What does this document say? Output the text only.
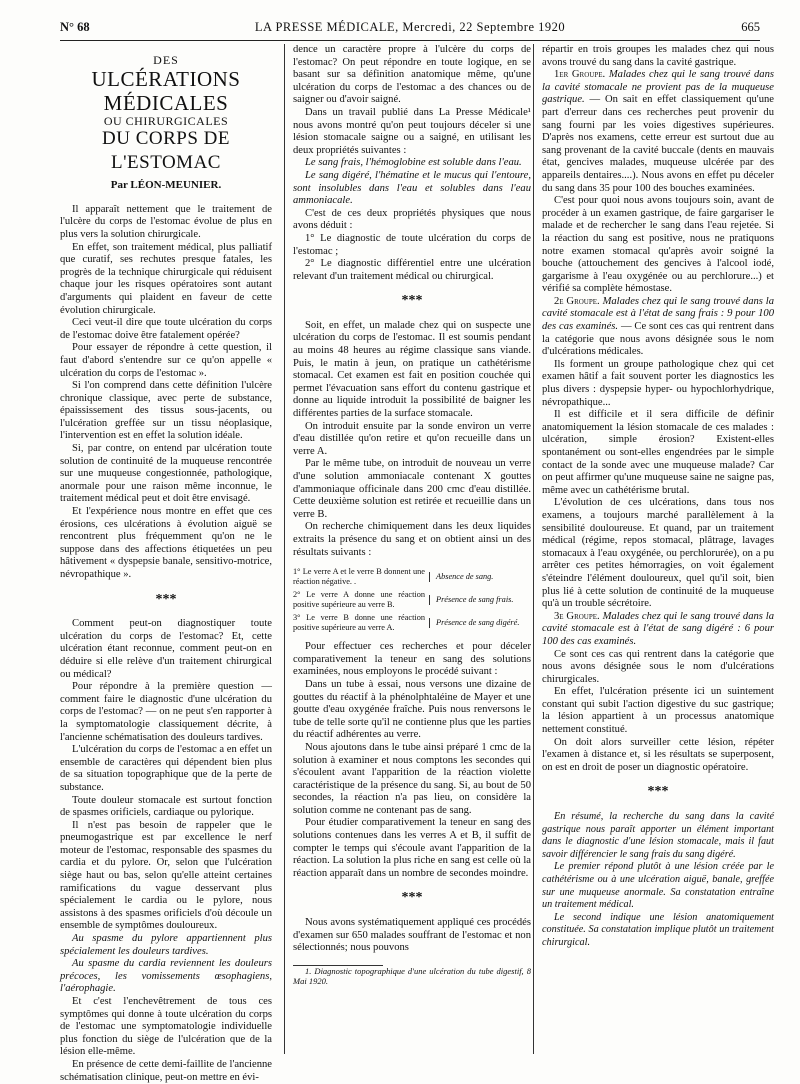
N° 68	LA PRESSE MÉDICALE, Mercredi, 22 Septembre 1920	665
DES
ULCÉRATIONS MÉDICALES
OU CHIRURGICALES
DU CORPS DE L'ESTOMAC
Par LÉON-MEUNIER.

Il apparaît nettement que le traitement de l'ulcère du corps de l'estomac évolue de plus en plus vers la solution chirurgicale.

En effet, son traitement médical, plus palliatif que curatif, ses rechutes presque fatales, les progrès de la technique chirurgicale qui réduisent chaque jour les risques opératoires sont autant d'arguments qui plaident en faveur de cette évolution chirurgicale.

Ceci veut-il dire que toute ulcération du corps de l'estomac doive être fatalement opérée?

Pour essayer de répondre à cette question, il faut d'abord s'entendre sur ce qu'on appelle « ulcération du corps de l'estomac ».

Si l'on comprend dans cette définition l'ulcère chronique classique, avec perte de substance, épaississement des tissus sous-jacents, ou l'ulcération greffée sur un tissu néoplasique, l'intervention est en effet la solution idéale.

Si, par contre, on entend par ulcération toute solution de continuité de la muqueuse rencontrée sur une muqueuse congestionnée, pathologique, anormale pour une raison même inconnue, le traitement médical peut et doit être envisagé.

Et l'expérience nous montre en effet que ces érosions, ces ulcérations à évolution aiguë se rencontrent plus fréquemment qu'on ne le suppose dans des affections étiquetées un peu hâtivement « dyspepsie banale, sensitivo-motrice, névropathique ».

***

Comment peut-on diagnostiquer toute ulcération du corps de l'estomac? Et, cette ulcération étant reconnue, comment peut-on en déduire si elle relève d'un traitement chirurgical ou médical?

Pour répondre à la première question — comment faire le diagnostic d'une ulcération du corps de l'estomac? — on ne peut s'en rapporter à la symptomatologie classiquement décrite, à l'ancienne schématisation des douleurs tardives.

L'ulcération du corps de l'estomac a en effet un ensemble de caractères qui dépendent bien plus de sa situation topographique que de la perte de substance.

Toute douleur stomacale est surtout fonction de spasmes orificiels, cardiaque ou pylorique.

Il n'est pas besoin de rappeler que le pneumogastrique est par excellence le nerf moteur de l'estomac, responsable des spasmes du cardia et du pylore. Or, selon que l'ulcération siège haut ou bas, selon qu'elle atteint certaines ramifications du vague desservant plus spécialement le cardia ou le pylore, nous assistons à des spasmes orificiels d'où découle un ensemble de symptômes douloureux.

Au spasme du pylore appartiennent plus spécialement les douleurs tardives.

Au spasme du cardia reviennent les douleurs précoces, les vomissements œsophagiens, l'aérophagie.

Et c'est l'enchevêtrement de tous ces symptômes qui donne à toute ulcération du corps de l'estomac une symptomatologie individuelle plus fonction du siège de l'ulcération que de la lésion elle-même.

En présence de cette demi-faillite de l'ancienne schématisation clinique, peut-on mettre en évi-

dence un caractère propre à l'ulcère du corps de l'estomac? On peut répondre en toute logique, en se basant sur sa définition anatomique même, qu'une ulcération du corps de l'estomac a des chances ou de saigner ou d'avoir saigné.

Dans un travail publié dans La Presse Médicale¹ nous avons montré qu'on peut toujours déceler si une lésion stomacale saigne ou a saigné, en utilisant les deux propriétés suivantes :

Le sang frais, l'hémoglobine est soluble dans l'eau.

Le sang digéré, l'hématine et le mucus qui l'entoure, sont insolubles dans l'eau et solubles dans l'eau ammoniacale.

C'est de ces deux propriétés physiques que nous avons déduit :

1° Le diagnostic de toute ulcération du corps de l'estomac ;

2° Le diagnostic différentiel entre une ulcération relevant d'un traitement médical ou chirurgical.

***

Soit, en effet, un malade chez qui on suspecte une ulcération du corps de l'estomac. Il est soumis pendant au moins 48 heures au régime classique sans viande. Puis, le matin à jeun, on pratique un cathétérisme stomacal. Cet examen est fait en position couchée qui permet l'évacuation sans effort du contenu gastrique et donne au liquide introduit la possibilité de baigner les différentes parties de la surface stomacale.

On introduit ensuite par la sonde environ un verre d'eau distillée qu'on retire et qu'on recueille dans un verre A.

Par le même tube, on introduit de nouveau un verre d'une solution ammoniacale contenant X gouttes d'ammoniaque officinale dans 200 cmc d'eau distillée. Cette deuxième solution est retirée et recueillie dans un verre B.

On recherche chimiquement dans les deux liquides extraits la présence du sang et on obtient ainsi un des résultats suivants :

1° Le verre A et le verre B donnent une réaction négative. .
Absence de sang.
2° Le verre A donne une réaction positive supérieure au verre B.
Présence de sang frais.
3° Le verre B donne une réaction positive supérieure au verre A.
Présence de sang digéré.

Pour effectuer ces recherches et pour déceler comparativement la teneur en sang des solutions examinées, nous employons le procédé suivant :

Dans un tube à essai, nous versons une dizaine de gouttes du réactif à la phénolphtaléine de Mayer et une goutte d'eau oxygénée fraîche. Puis nous renversons le tube de telle sorte qu'il ne contienne plus que les parties du réactif adhérentes au verre.

Nous ajoutons dans le tube ainsi préparé 1 cmc de la solution à examiner et nous comptons les secondes qui s'écoulent avant l'apparition de la réaction violette caractéristique de la présence du sang. Si, au bout de 50 secondes, la réaction n'a pas lieu, on considère la solution comme ne contenant pas de sang.

Pour étudier comparativement la teneur en sang des solutions contenues dans les verres A et B, il suffit de compter le temps qui s'écoule avant l'apparition de la réaction. La solution la plus riche en sang est celle où la réaction apparaît dans un nombre de secondes moindre.

***

Nous avons systématiquement appliqué ces procédés d'examen sur 650 malades souffrant de l'estomac et non sélectionnés; nous pouvons

1. Diagnostic topographique d'une ulcération du tube digestif, 8 Mai 1920.

répartir en trois groupes les malades chez qui nous avons trouvé du sang dans la cavité gastrique.

1er Groupe. Malades chez qui le sang trouvé dans la cavité stomacale ne provient pas de la muqueuse gastrique. — On sait en effet classiquement qu'une part d'erreur dans ces recherches peut provenir du sang fourni par les voies digestives supérieures. D'après nos examens, cette erreur est surtout due au sang provenant de la cavité buccale (dents en mauvais état, gencives malades, muqueuse ulcérée par des appareils dentaires....). Nous avons en effet pu déceler du sang dans 35 pour 100 des bouches examinées.

C'est pour quoi nous avons toujours soin, avant de procéder à un examen gastrique, de faire gargariser le malade et de rechercher le sang dans l'eau rejetée. Si la réaction du sang est positive, nous ne pratiquons notre examen stomacal qu'après avoir soigné la bouche (attouchement des gencives à l'alcool iodé, gargarisme à l'eau oxygénée ou au perchlorure...) et vérifié sa complète hémostase.

2e Groupe. Malades chez qui le sang trouvé dans la cavité stomacale est à l'état de sang frais : 9 pour 100 des cas examinés. — Ce sont ces cas qui rentrent dans la catégorie que nous avons désignée sous le nom d'ulcérations médicales.

Ils forment un groupe pathologique chez qui cet examen hâtif a fait souvent porter les diagnostics les plus divers : dyspepsie hyper- ou hypochlorhydrique, névropathique...

Il est difficile et il sera difficile de définir anatomiquement la lésion stomacale de ces malades : ulcération, simple érosion? Existent-elles spontanément ou sont-elles engendrées par le simple contact de la sonde avec une muqueuse malade? Car on peut affirmer qu'une muqueuse saine ne saigne pas, même avec un cathétérisme brutal.

L'évolution de ces ulcérations, dans tous nos examens, a toujours marché parallèlement à la sensibilité douloureuse. Et quand, par un traitement médical (régime, repos stomacal, plâtrage, lavages stomacaux à l'eau oxygénée, ou perchlorurée), on a pu arrêter ces petites hémorragies, on voit également s'éteindre l'élément douloureux, quel qu'il soit, bien plus lié à cette solution de continuité de la muqueuse qu'à un trouble sécrétoire.

3e Groupe. Malades chez qui le sang trouvé dans la cavité stomacale est à l'état de sang digéré : 6 pour 100 des cas examinés.

Ce sont ces cas qui rentrent dans la catégorie que nous avons désignée sous le nom d'ulcérations chirurgicales.

En effet, l'ulcération présente ici un suintement constant qui subit l'action digestive du suc gastrique; la lésion appartient à un processus anatomique nettement constitué.

On doit alors surveiller cette lésion, répéter l'examen à distance et, si les résultats se superposent, on est en droit de poser un diagnostic opératoire.

***

En résumé, la recherche du sang dans la cavité gastrique nous paraît apporter un élément important dans le diagnostic d'une lésion stomacale, mais il faut savoir différencier le sang frais du sang digéré.

Le premier répond plutôt à une lésion créée par le cathétérisme ou à une ulcération aiguë, banale, greffée sur une muqueuse anormale. Sa constatation entraîne un traitement médical.

Le second indique une lésion anatomiquement constituée. Sa constatation implique plutôt un traitement chirurgical.
